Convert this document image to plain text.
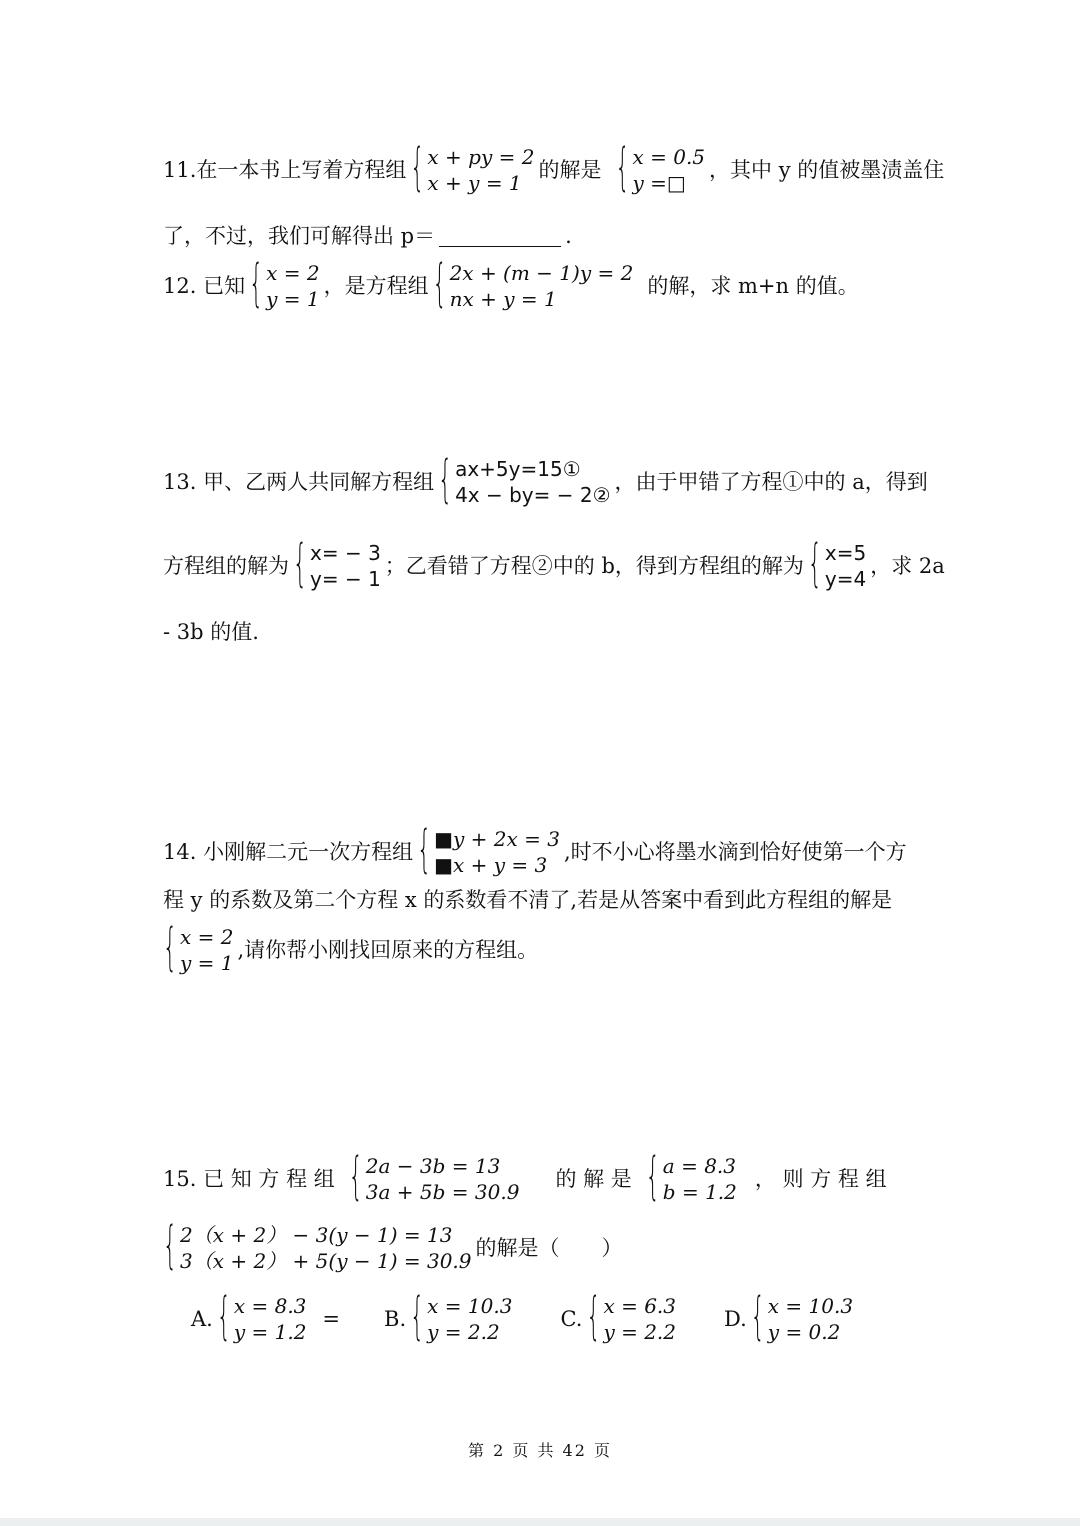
11.在一本书上写着方程组 { x + py = 2
x + y = 1
的解是 { x = 0.5
y =□
，其中 y 的值被墨渍盖住
了，不过，我们可解得出 p＝	.
12. 已知 { x = 2
y = 1
，是方程组 { 2x + (m − 1)y = 2
nx + y = 1
的解，求 m+n 的值。
13. 甲、乙两人共同解方程组 { ax+5y=15①
4x − by= − 2②
，由于甲错了方程①中的 a，得到
方程组的解为 { x= − 3
y= − 1
；乙看错了方程②中的 b，得到方程组的解为 { x=5
y=4
，求 2a
- 3b 的值.
14. 小刚解二元一次方程组 { ■y + 2x = 3
■x + y = 3
,时不小心将墨水滴到恰好使第一个方
程 y 的系数及第二个方程 x 的系数看不清了,若是从答案中看到此方程组的解是
{ x = 2
y = 1
,请你帮小刚找回原来的方程组。
15. 已 知 方 程 组 { 2a − 3b = 13
3a + 5b = 30.9
的 解 是 { a = 8.3
b = 1.2
， 则 方 程 组
{ 2（x + 2） − 3(y − 1) = 13
3（x + 2） + 5(y − 1) = 30.9
的解是（　　）
A. { x = 8.3
y = 1.2
= B. { x = 10.3
y = 2.2
C. { x = 6.3
y = 2.2
D. { x = 10.3
y = 0.2
第 2 页 共 42 页
